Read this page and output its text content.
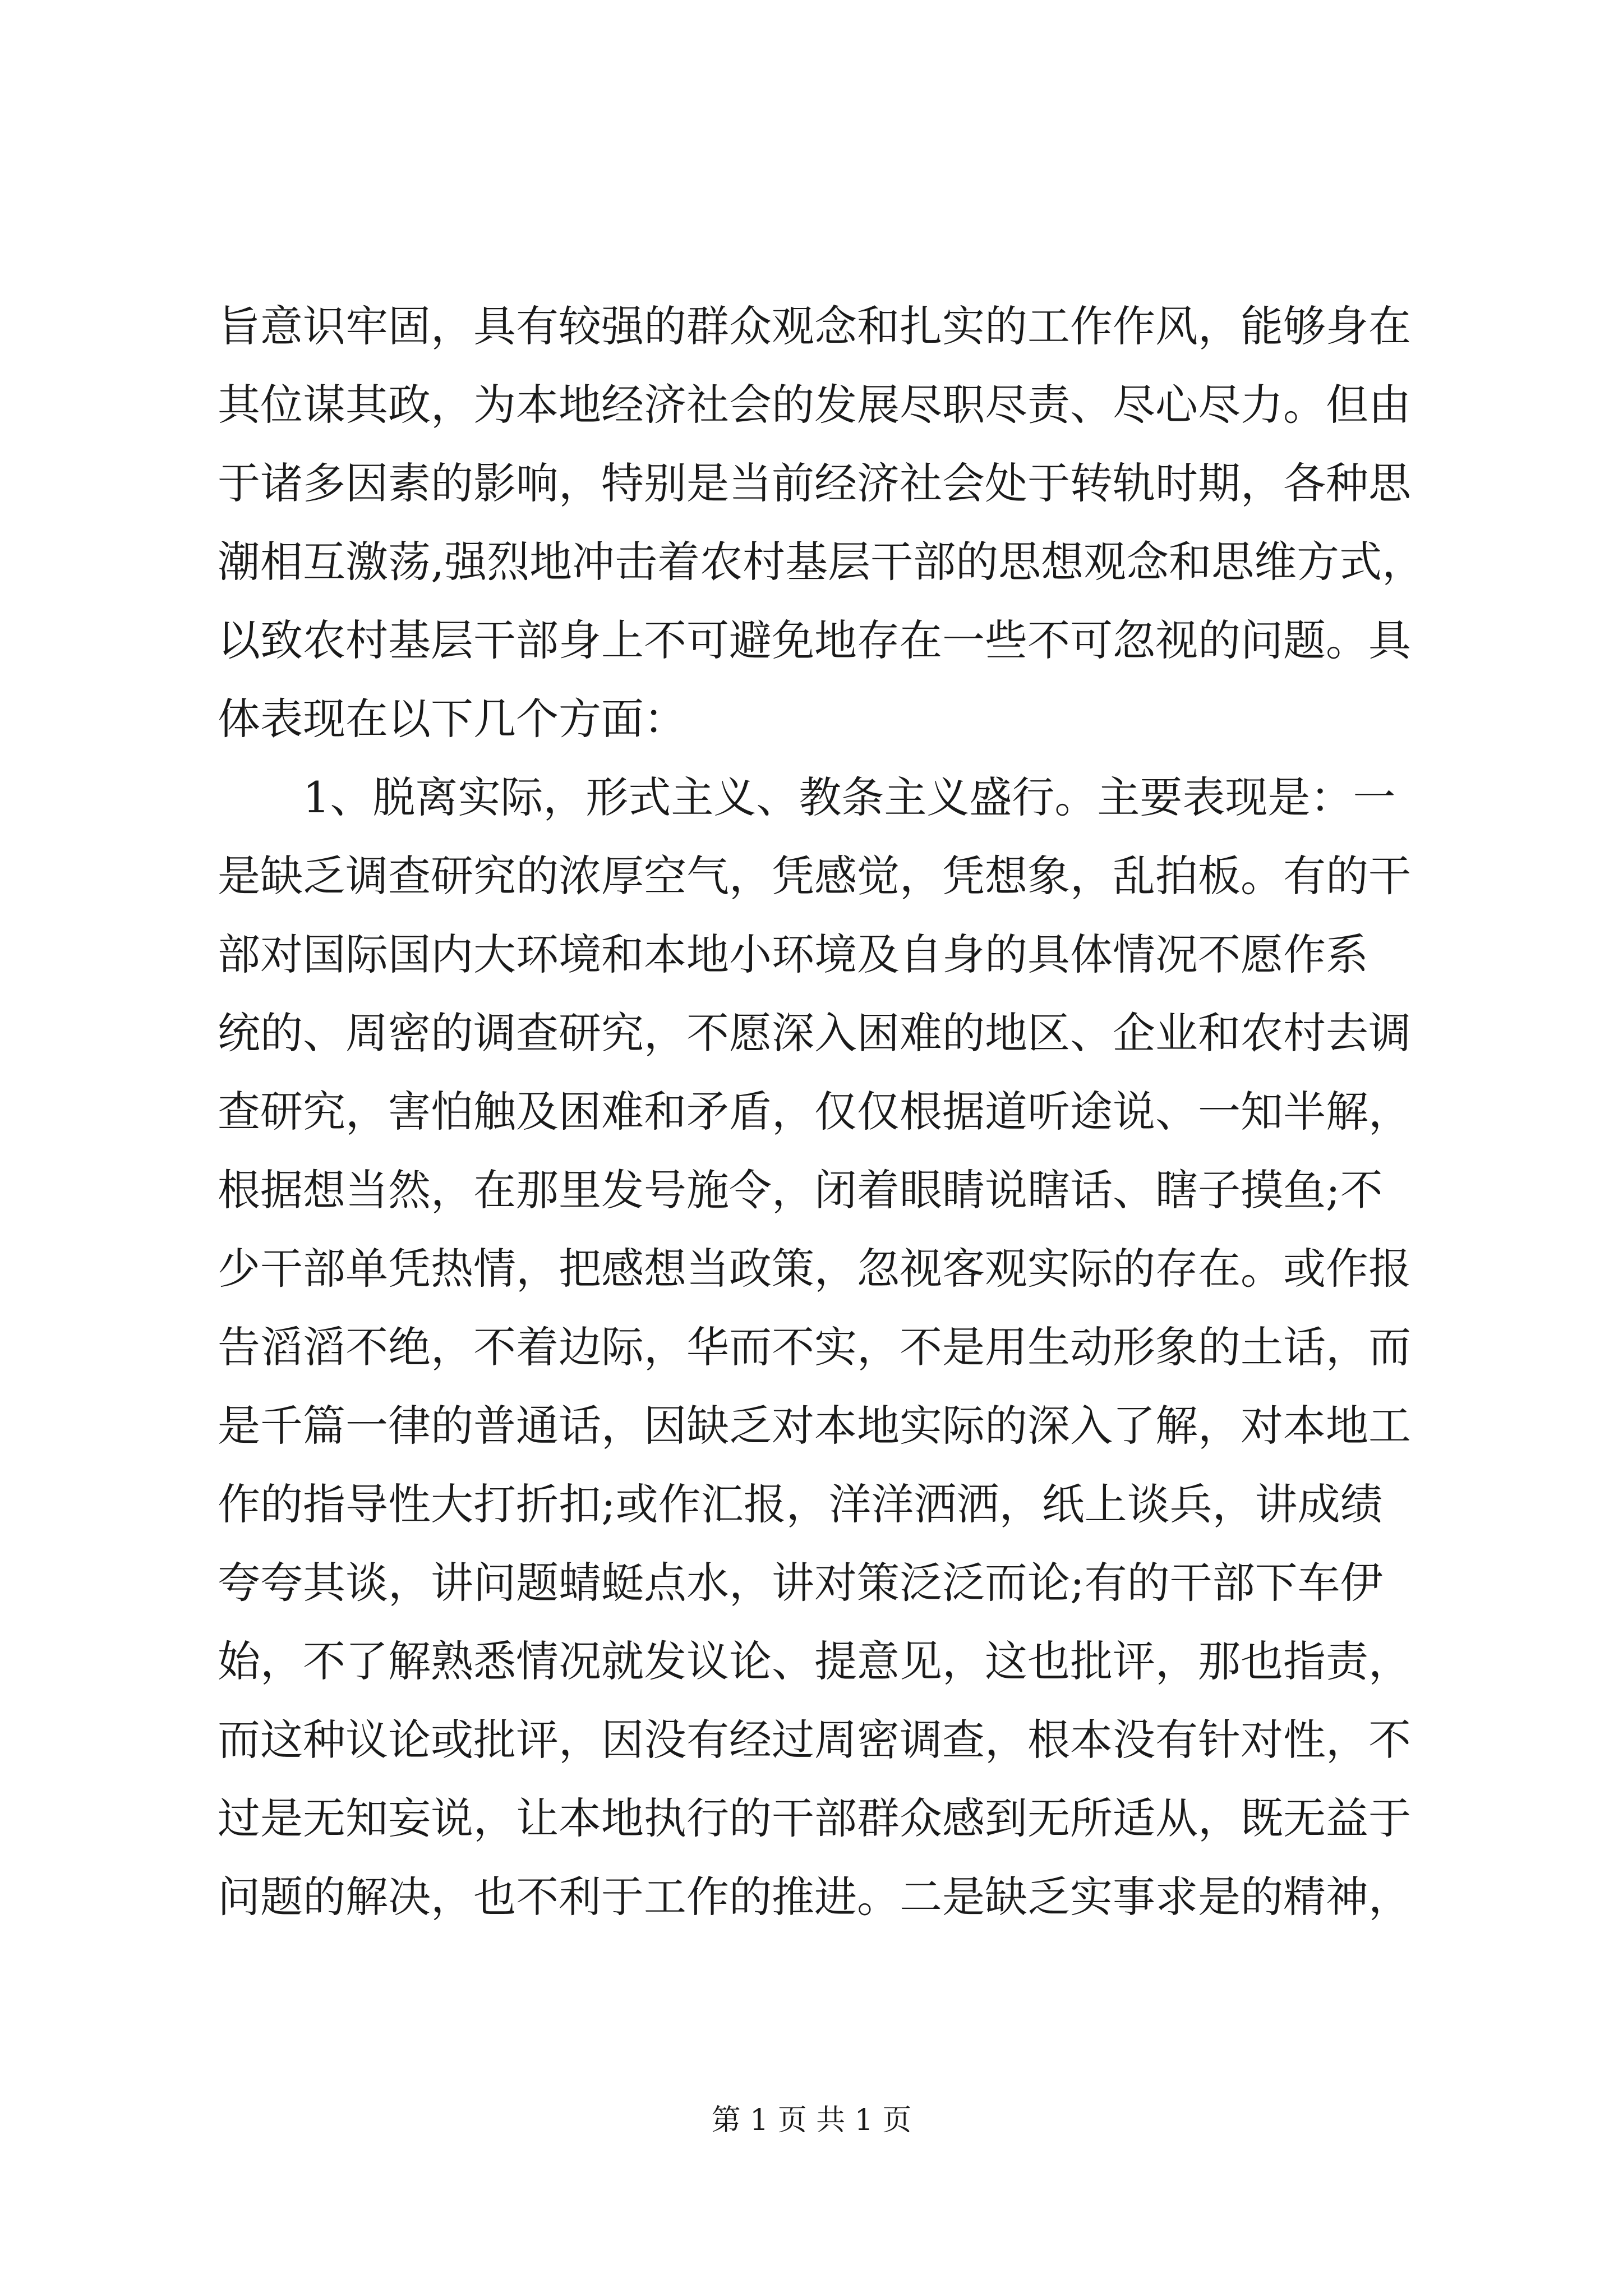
旨意识牢固，具有较强的群众观念和扎实的工作作风，能够身在
其位谋其政，为本地经济社会的发展尽职尽责、尽心尽力。但由
于诸多因素的影响，特别是当前经济社会处于转轨时期，各种思
潮相互激荡,强烈地冲击着农村基层干部的思想观念和思维方式，
以致农村基层干部身上不可避免地存在一些不可忽视的问题。具
体表现在以下几个方面：
1、脱离实际，形式主义、教条主义盛行。主要表现是：一
是缺乏调查研究的浓厚空气，凭感觉，凭想象，乱拍板。有的干
部对国际国内大环境和本地小环境及自身的具体情况不愿作系
统的、周密的调查研究，不愿深入困难的地区、企业和农村去调
查研究，害怕触及困难和矛盾，仅仅根据道听途说、一知半解，
根据想当然，在那里发号施令，闭着眼睛说瞎话、瞎子摸鱼;不
少干部单凭热情，把感想当政策，忽视客观实际的存在。或作报
告滔滔不绝，不着边际，华而不实，不是用生动形象的土话，而
是千篇一律的普通话，因缺乏对本地实际的深入了解，对本地工
作的指导性大打折扣;或作汇报，洋洋洒洒，纸上谈兵，讲成绩
夸夸其谈，讲问题蜻蜓点水，讲对策泛泛而论;有的干部下车伊
始，不了解熟悉情况就发议论、提意见，这也批评，那也指责，
而这种议论或批评，因没有经过周密调查，根本没有针对性，不
过是无知妄说，让本地执行的干部群众感到无所适从，既无益于
问题的解决，也不利于工作的推进。二是缺乏实事求是的精神，
第 1 页 共 1 页
